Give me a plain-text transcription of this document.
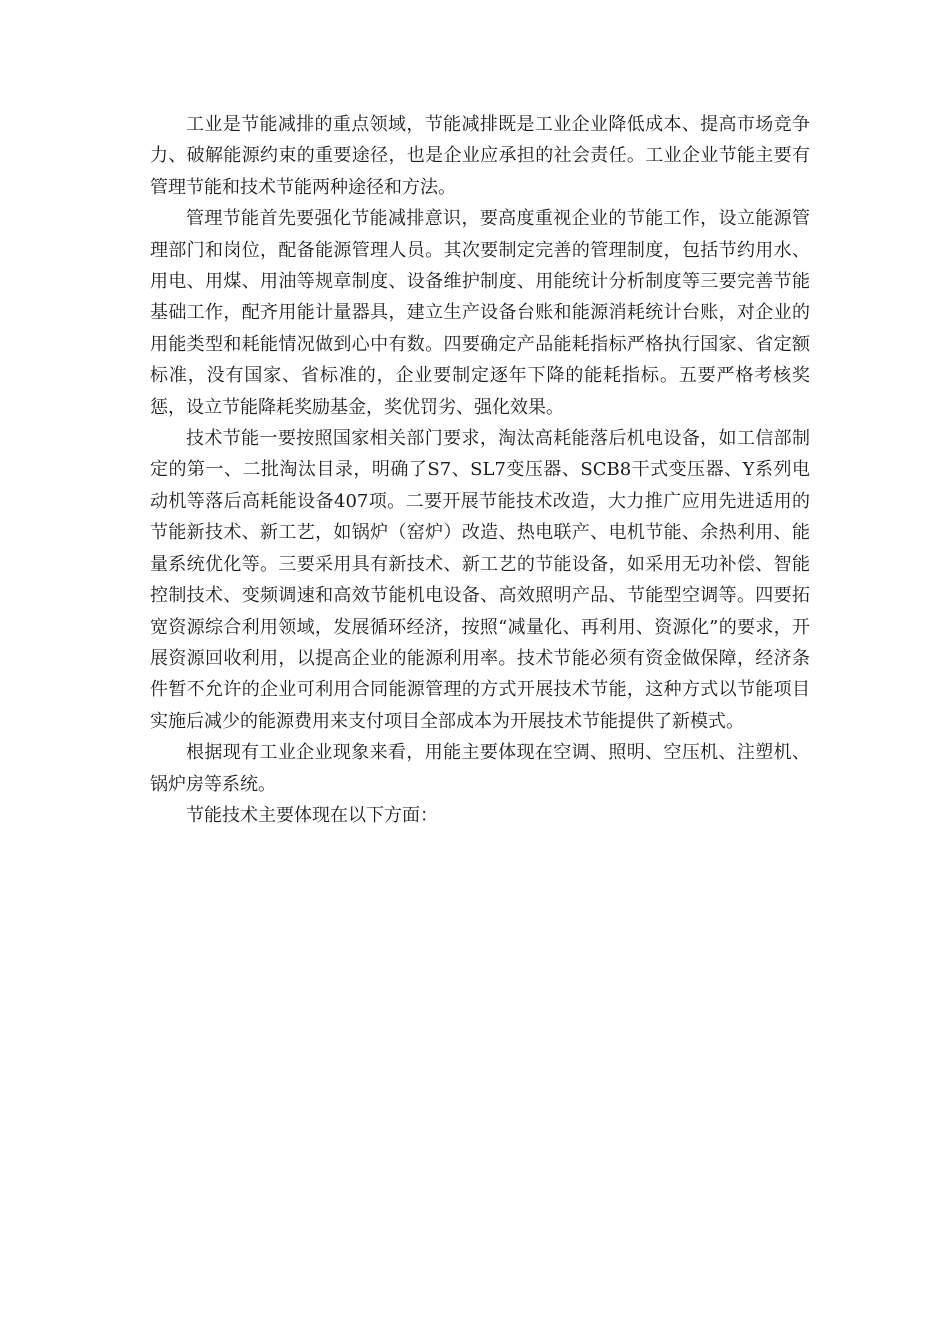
工业是节能减排的重点领域，节能减排既是工业企业降低成本、提高市场竞争力、破解能源约束的重要途径，也是企业应承担的社会责任。工业企业节能主要有管理节能和技术节能两种途径和方法。

管理节能首先要强化节能减排意识，要高度重视企业的节能工作，设立能源管理部门和岗位，配备能源管理人员。其次要制定完善的管理制度，包括节约用水、用电、用煤、用油等规章制度、设备维护制度、用能统计分析制度等三要完善节能基础工作，配齐用能计量器具，建立生产设备台账和能源消耗统计台账，对企业的用能类型和耗能情况做到心中有数。四要确定产品能耗指标严格执行国家、省定额标准，没有国家、省标准的，企业要制定逐年下降的能耗指标。五要严格考核奖惩，设立节能降耗奖励基金，奖优罚劣、强化效果。

技术节能一要按照国家相关部门要求，淘汰高耗能落后机电设备，如工信部制定的第一、二批淘汰目录，明确了S7、SL7变压器、SCB8干式变压器、Y系列电动机等落后高耗能设备407项。二要开展节能技术改造，大力推广应用先进适用的节能新技术、新工艺，如锅炉（窑炉）改造、热电联产、电机节能、余热利用、能量系统优化等。三要采用具有新技术、新工艺的节能设备，如采用无功补偿、智能控制技术、变频调速和高效节能机电设备、高效照明产品、节能型空调等。四要拓宽资源综合利用领域，发展循环经济，按照“减量化、再利用、资源化”的要求，开展资源回收利用，以提高企业的能源利用率。技术节能必须有资金做保障，经济条件暂不允许的企业可利用合同能源管理的方式开展技术节能，这种方式以节能项目实施后减少的能源费用来支付项目全部成本为开展技术节能提供了新模式。

根据现有工业企业现象来看，用能主要体现在空调、照明、空压机、注塑机、锅炉房等系统。

节能技术主要体现在以下方面：
